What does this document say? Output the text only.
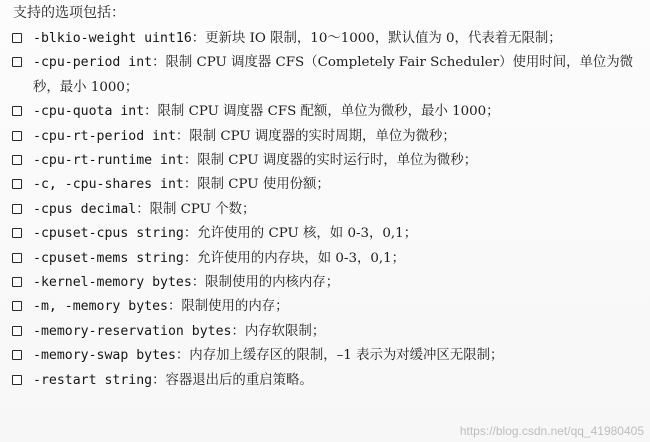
支持的选项包括：
-blkio-weight uint16：更新块 IO 限制，10～1000，默认值为 0，代表着无限制；
-cpu-period int：限制 CPU 调度器 CFS（Completely Fair Scheduler）使用时间，单位为微秒，最小 1000；
-cpu-quota int：限制 CPU 调度器 CFS 配额，单位为微秒，最小 1000；
-cpu-rt-period int：限制 CPU 调度器的实时周期，单位为微秒；
-cpu-rt-runtime int：限制 CPU 调度器的实时运行时，单位为微秒；
-c, -cpu-shares int：限制 CPU 使用份额；
-cpus decimal：限制 CPU 个数；
-cpuset-cpus string：允许使用的 CPU 核，如 0-3，0,1；
-cpuset-mems string：允许使用的内存块，如 0-3，0,1；
-kernel-memory bytes：限制使用的内核内存；
-m, -memory bytes：限制使用的内存；
-memory-reservation bytes：内存软限制；
-memory-swap bytes：内存加上缓存区的限制，–1 表示为对缓冲区无限制；
-restart string：容器退出后的重启策略。
https://blog.csdn.net/qq_41980405
